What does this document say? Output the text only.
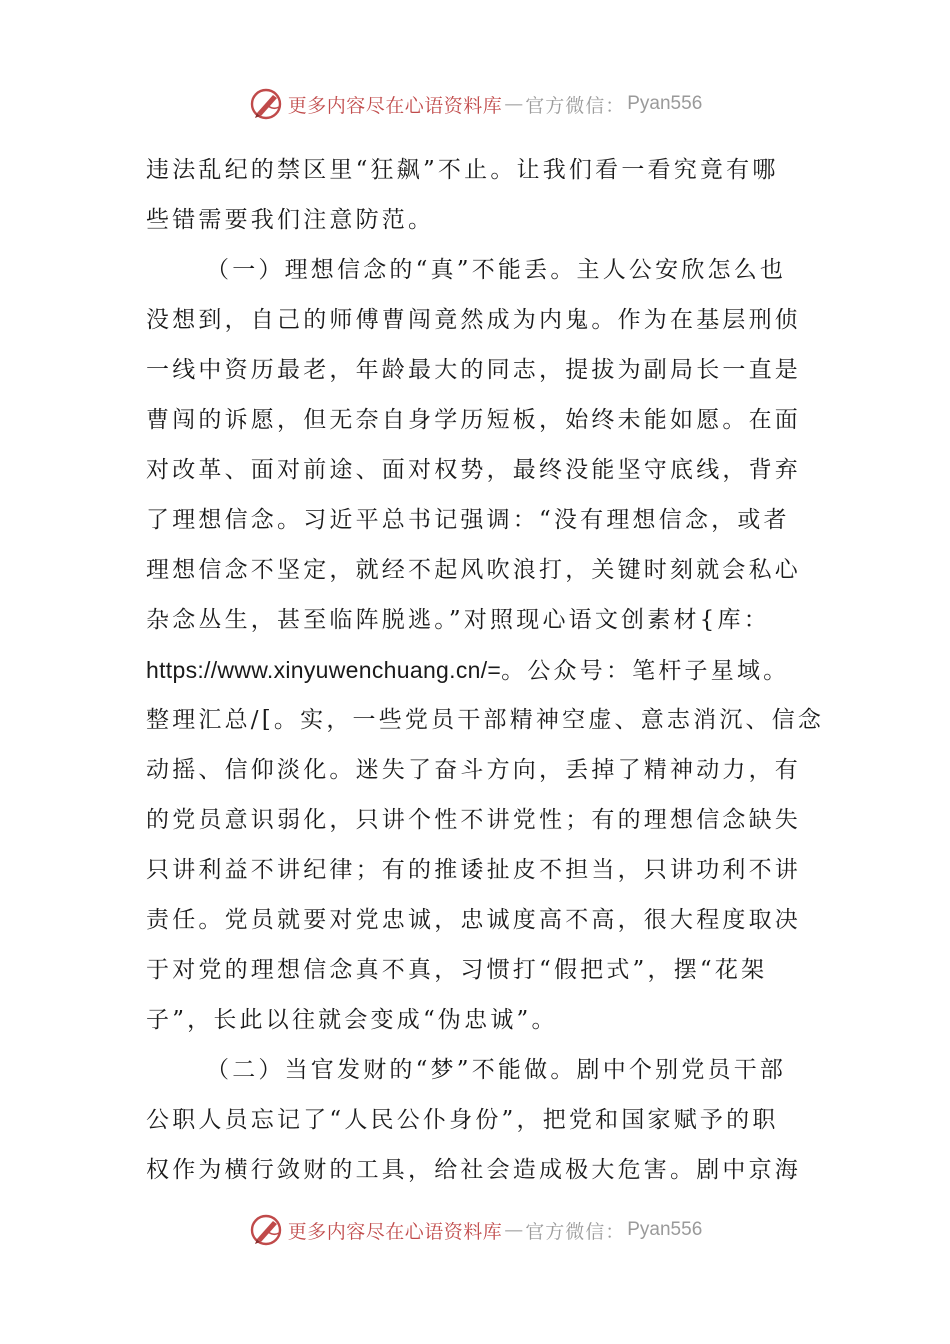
更多内容尽在心语资料库 — 官方微信： Pyan556
违法乱纪的禁区里“狂飙”不止。让我们看一看究竟有哪
些错需要我们注意防范。
（一）理想信念的“真”不能丢。主人公安欣怎么也
没想到，自己的师傅曹闯竟然成为内鬼。作为在基层刑侦
一线中资历最老，年龄最大的同志，提拔为副局长一直是
曹闯的诉愿，但无奈自身学历短板，始终未能如愿。在面
对改革、面对前途、面对权势，最终没能坚守底线，背弃
了理想信念。习近平总书记强调：“没有理想信念，或者
理想信念不坚定，就经不起风吹浪打，关键时刻就会私心
杂念丛生，甚至临阵脱逃。”对照现心语文创素材{库：
https://www.xinyuwenchuang.cn/=。公众号：笔杆子星域。
整理汇总/[。实，一些党员干部精神空虚、意志消沉、信念
动摇、信仰淡化。迷失了奋斗方向，丢掉了精神动力，有
的党员意识弱化，只讲个性不讲党性；有的理想信念缺失
只讲利益不讲纪律；有的推诿扯皮不担当，只讲功利不讲
责任。党员就要对党忠诚，忠诚度高不高，很大程度取决
于对党的理想信念真不真，习惯打“假把式”，摆“花架
子”，长此以往就会变成“伪忠诚”。
（二）当官发财的“梦”不能做。剧中个别党员干部
公职人员忘记了“人民公仆身份”，把党和国家赋予的职
权作为横行敛财的工具，给社会造成极大危害。剧中京海
更多内容尽在心语资料库 — 官方微信： Pyan556
